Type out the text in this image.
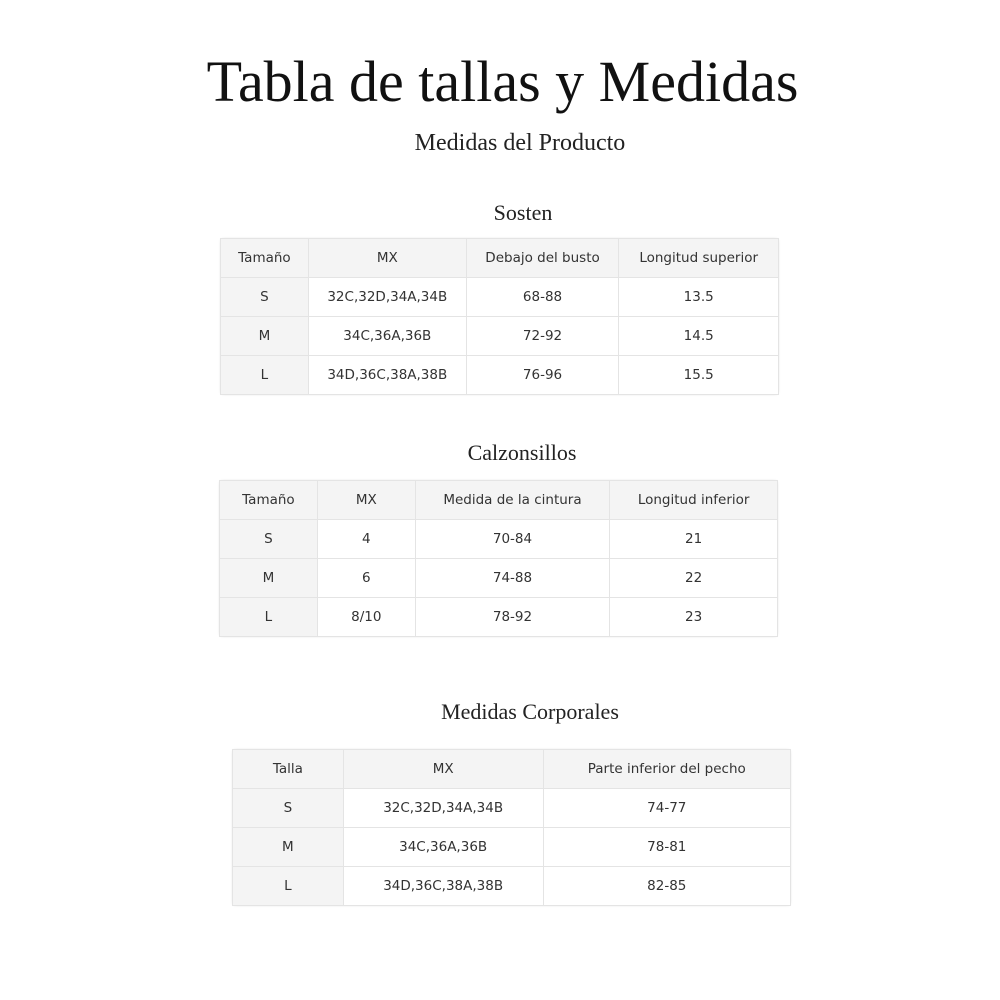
Tabla de tallas y Medidas
Medidas del Producto
Sosten
Tamaño	MX	Debajo del busto	Longitud superior
S	32C,32D,34A,34B	68-88	13.5
M	34C,36A,36B	72-92	14.5
L	34D,36C,38A,38B	76-96	15.5
Calzonsillos
Tamaño	MX	Medida de la cintura	Longitud inferior
S	4	70-84	21
M	6	74-88	22
L	8/10	78-92	23
Medidas Corporales
Talla	MX	Parte inferior del pecho
S	32C,32D,34A,34B	74-77
M	34C,36A,36B	78-81
L	34D,36C,38A,38B	82-85
